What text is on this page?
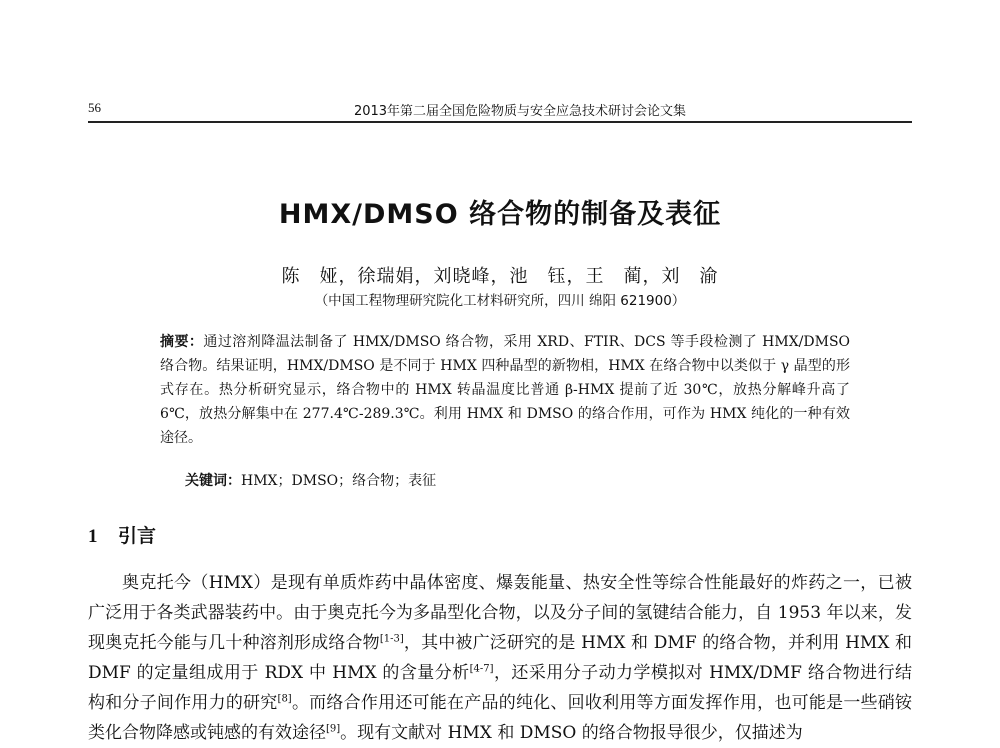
56	2013年第二届全国危险物质与安全应急技术研讨会论文集
HMX/DMSO 络合物的制备及表征
陈　娅，徐瑞娟，刘晓峰，池　钰，王　蔺，刘　渝
（中国工程物理研究院化工材料研究所，四川 绵阳 621900）
摘要：通过溶剂降温法制备了 HMX/DMSO 络合物，采用 XRD、FTIR、DCS 等手段检测了 HMX/DMSO 络合物。结果证明，HMX/DMSO 是不同于 HMX 四种晶型的新物相，HMX 在络合物中以类似于 γ 晶型的形式存在。热分析研究显示，络合物中的 HMX 转晶温度比普通 β-HMX 提前了近 30℃，放热分解峰升高了 6℃，放热分解集中在 277.4℃-289.3℃。利用 HMX 和 DMSO 的络合作用，可作为 HMX 纯化的一种有效途径。
关键词：HMX；DMSO；络合物；表征
1 引言

奥克托今（HMX）是现有单质炸药中晶体密度、爆轰能量、热安全性等综合性能最好的炸药之一，已被广泛用于各类武器装药中。由于奥克托今为多晶型化合物，以及分子间的氢键结合能力，自 1953 年以来，发现奥克托今能与几十种溶剂形成络合物[1-3]，其中被广泛研究的是 HMX 和 DMF 的络合物，并利用 HMX 和 DMF 的定量组成用于 RDX 中 HMX 的含量分析[4-7]，还采用分子动力学模拟对 HMX/DMF 络合物进行结构和分子间作用力的研究[8]。而络合作用还可能在产品的纯化、回收利用等方面发挥作用，也可能是一些硝铵类化合物降感或钝感的有效途径[9]。现有文献对 HMX 和 DMSO 的络合物报导很少，仅描述为
